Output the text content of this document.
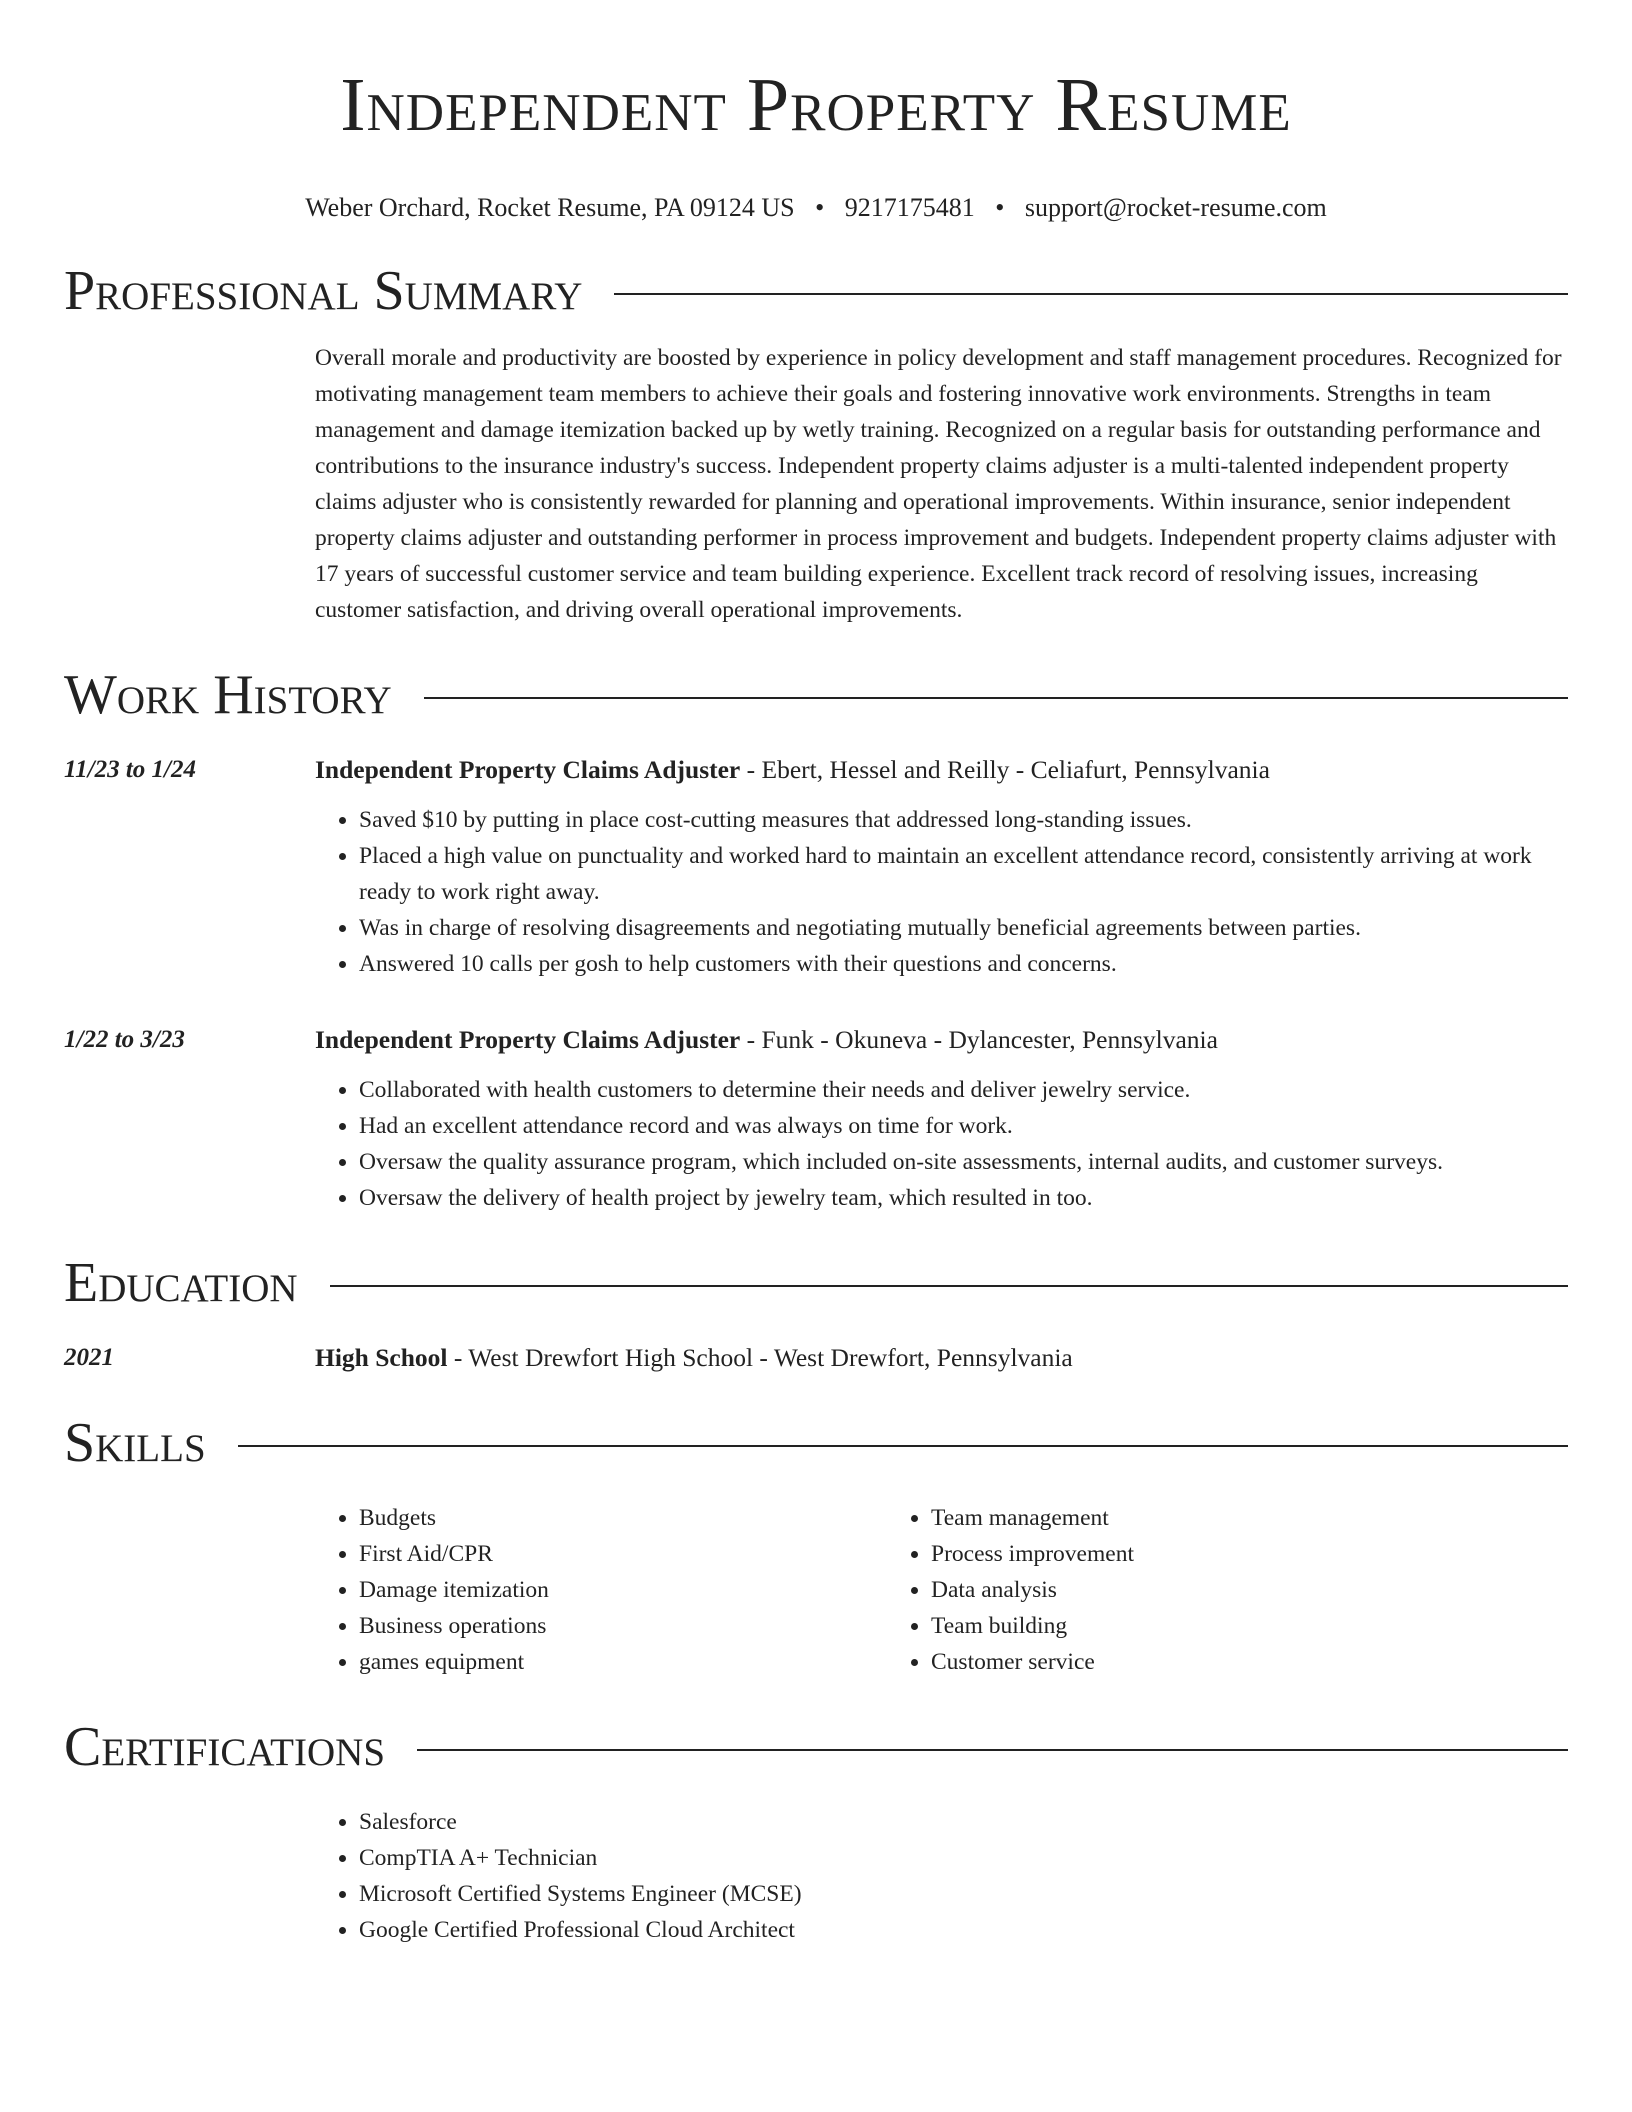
Independent Property Resume
Weber Orchard, Rocket Resume, PA 09124 US • 9217175481 • support@rocket-resume.com
Professional Summary
Overall morale and productivity are boosted by experience in policy development and staff management procedures. Recognized for motivating management team members to achieve their goals and fostering innovative work environments. Strengths in team management and damage itemization backed up by wetly training. Recognized on a regular basis for outstanding performance and contributions to the insurance industry's success. Independent property claims adjuster is a multi-talented independent property claims adjuster who is consistently rewarded for planning and operational improvements. Within insurance, senior independent property claims adjuster and outstanding performer in process improvement and budgets. Independent property claims adjuster with 17 years of successful customer service and team building experience. Excellent track record of resolving issues, increasing customer satisfaction, and driving overall operational improvements.
Work History
11/23 to 1/24	Independent Property Claims Adjuster - Ebert, Hessel and Reilly - Celiafurt, Pennsylvania
• Saved $10 by putting in place cost-cutting measures that addressed long-standing issues.
• Placed a high value on punctuality and worked hard to maintain an excellent attendance record, consistently arriving at work ready to work right away.
• Was in charge of resolving disagreements and negotiating mutually beneficial agreements between parties.
• Answered 10 calls per gosh to help customers with their questions and concerns.
1/22 to 3/23	Independent Property Claims Adjuster - Funk - Okuneva - Dylancester, Pennsylvania
• Collaborated with health customers to determine their needs and deliver jewelry service.
• Had an excellent attendance record and was always on time for work.
• Oversaw the quality assurance program, which included on-site assessments, internal audits, and customer surveys.
• Oversaw the delivery of health project by jewelry team, which resulted in too.
Education
2021	High School - West Drewfort High School - West Drewfort, Pennsylvania
Skills
• Budgets
• First Aid/CPR
• Damage itemization
• Business operations
• games equipment
• Team management
• Process improvement
• Data analysis
• Team building
• Customer service
Certifications
• Salesforce
• CompTIA A+ Technician
• Microsoft Certified Systems Engineer (MCSE)
• Google Certified Professional Cloud Architect
